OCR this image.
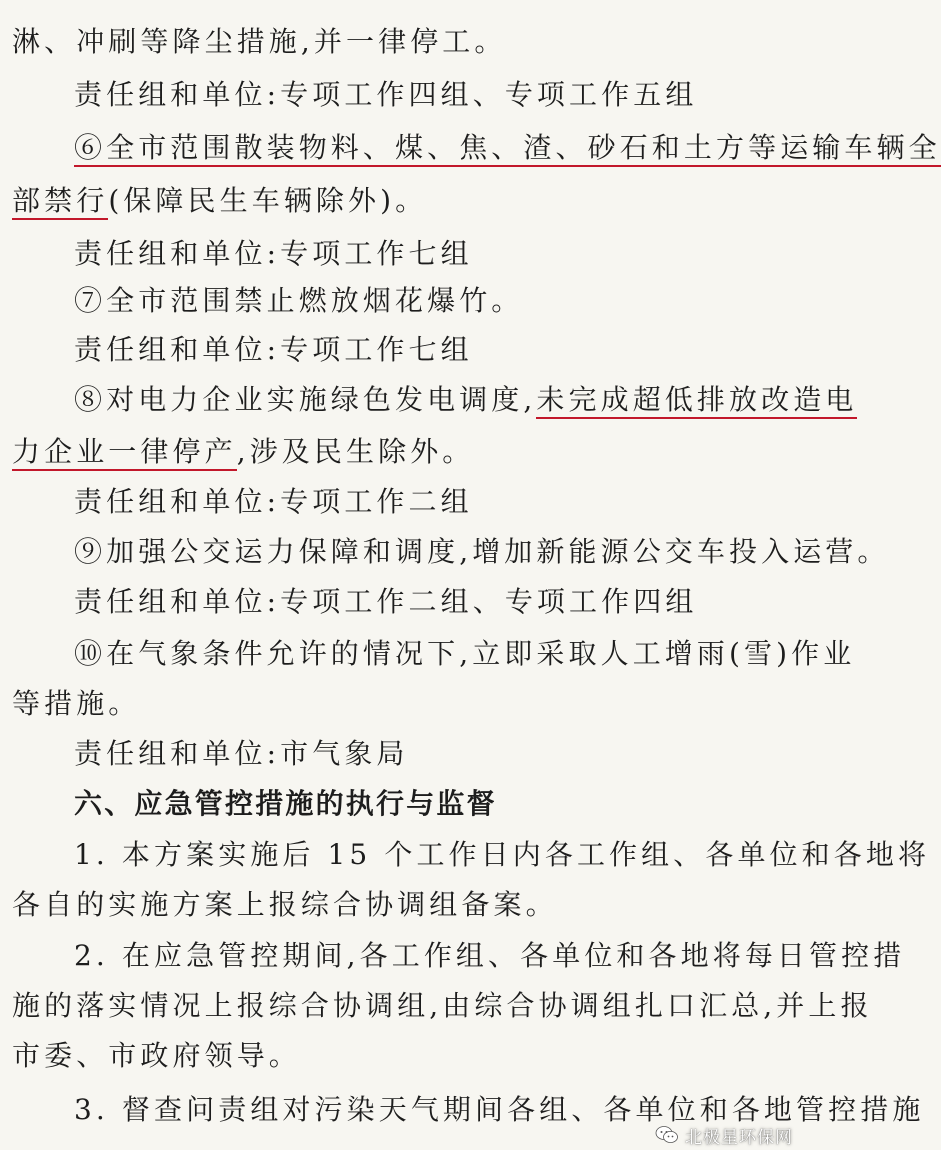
淋、冲刷等降尘措施,并一律停工。
责任组和单位:专项工作四组、专项工作五组
⑥全市范围散装物料、煤、焦、渣、砂石和土方等运输车辆全
部禁行(保障民生车辆除外)。
责任组和单位:专项工作七组
⑦全市范围禁止燃放烟花爆竹。
责任组和单位:专项工作七组
⑧对电力企业实施绿色发电调度,未完成超低排放改造电
力企业一律停产,涉及民生除外。
责任组和单位:专项工作二组
⑨加强公交运力保障和调度,增加新能源公交车投入运营。
责任组和单位:专项工作二组、专项工作四组
⑩在气象条件允许的情况下,立即采取人工增雨(雪)作业
等措施。
责任组和单位:市气象局
六、应急管控措施的执行与监督
1. 本方案实施后 15 个工作日内各工作组、各单位和各地将
各自的实施方案上报综合协调组备案。
2. 在应急管控期间,各工作组、各单位和各地将每日管控措
施的落实情况上报综合协调组,由综合协调组扎口汇总,并上报
市委、市政府领导。
3. 督查问责组对污染天气期间各组、各单位和各地管控措施
北极星环保网
